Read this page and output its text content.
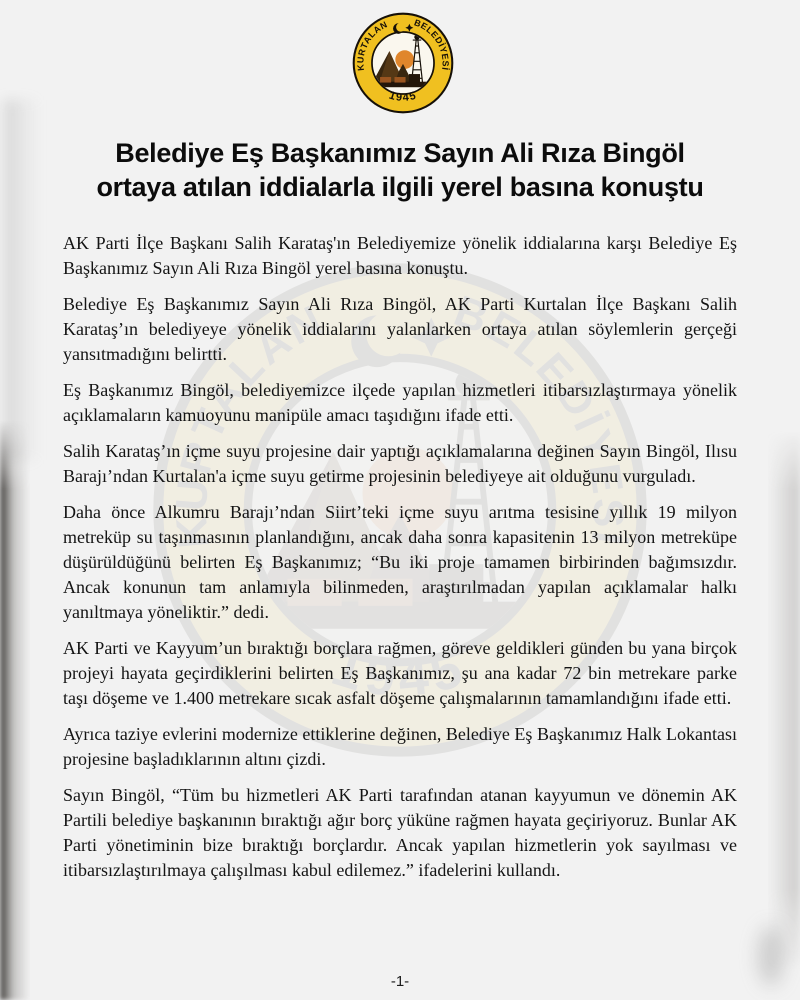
Belediye Eş Başkanımız Sayın Ali Rıza Bingöl
ortaya atılan iddialarla ilgili yerel basına konuştu

AK Parti İlçe Başkanı Salih Karataş'ın Belediyemize yönelik iddialarına karşı Belediye Eş Başkanımız Sayın Ali Rıza Bingöl yerel basına konuştu.

Belediye Eş Başkanımız Sayın Ali Rıza Bingöl, AK Parti Kurtalan İlçe Başkanı Salih Karataş’ın belediyeye yönelik iddialarını yalanlarken ortaya atılan söylemlerin gerçeği yansıtmadığını belirtti.

Eş Başkanımız Bingöl, belediyemizce ilçede yapılan hizmetleri itibarsızlaştırmaya yönelik açıklamaların kamuoyunu manipüle amacı taşıdığını ifade etti.

Salih Karataş’ın içme suyu projesine dair yaptığı açıklamalarına değinen Sayın Bingöl, Ilısu Barajı’ndan Kurtalan'a içme suyu getirme projesinin belediyeye ait olduğunu vurguladı.

Daha önce Alkumru Barajı’ndan Siirt’teki içme suyu arıtma tesisine yıllık 19 milyon metreküp su taşınmasının planlandığını, ancak daha sonra kapasitenin 13 milyon metreküpe düşürüldüğünü belirten Eş Başkanımız; “Bu iki proje tamamen birbirinden bağımsızdır. Ancak konunun tam anlamıyla bilinmeden, araştırılmadan yapılan açıklamalar halkı yanıltmaya yöneliktir.” dedi.

AK Parti ve Kayyum’un bıraktığı borçlara rağmen, göreve geldikleri günden bu yana birçok projeyi hayata geçirdiklerini belirten Eş Başkanımız, şu ana kadar 72 bin metrekare parke taşı döşeme ve 1.400 metrekare sıcak asfalt döşeme çalışmalarının tamamlandığını ifade etti.

Ayrıca taziye evlerini modernize ettiklerine değinen, Belediye Eş Başkanımız Halk Lokantası projesine başladıklarının altını çizdi.

Sayın Bingöl, “Tüm bu hizmetleri AK Parti tarafından atanan kayyumun ve dönemin AK Partili belediye başkanının bıraktığı ağır borç yüküne rağmen hayata geçiriyoruz. Bunlar AK Parti yönetiminin bize bıraktığı borçlardır. Ancak yapılan hizmetlerin yok sayılması ve itibarsızlaştırılmaya çalışılması kabul edilemez.” ifadelerini kullandı.

-1-
